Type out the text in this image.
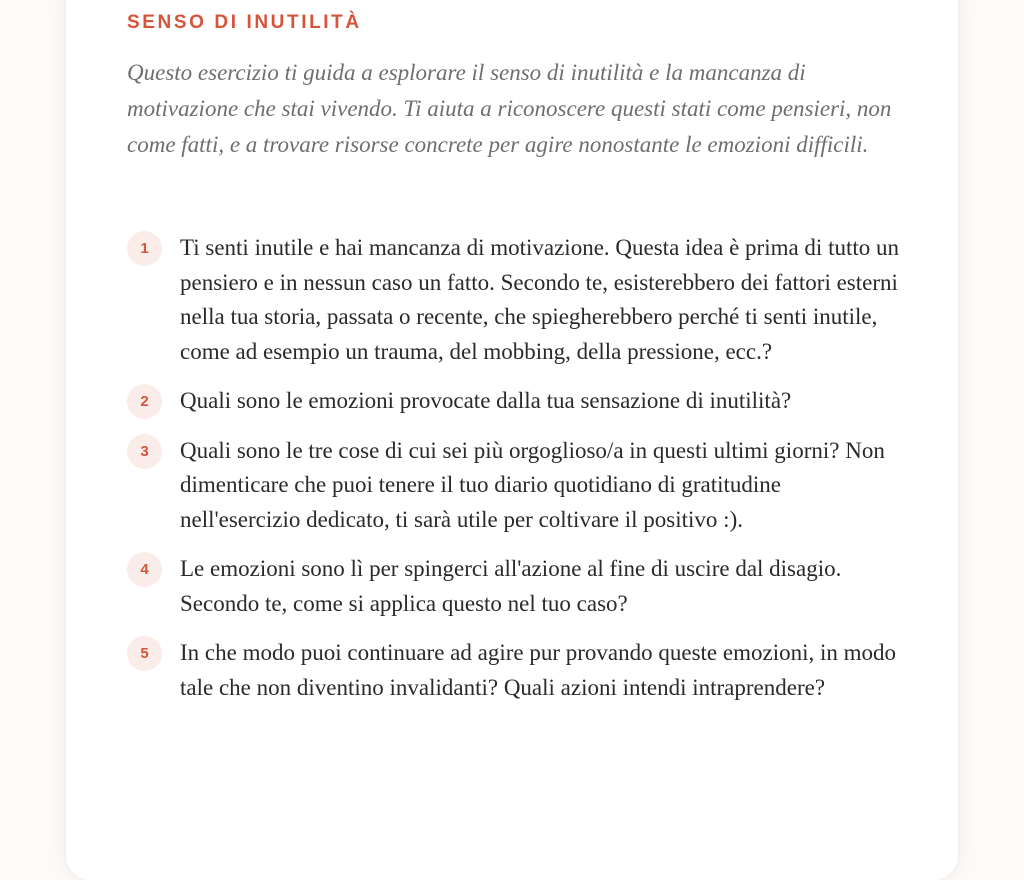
SENSO DI INUTILITÀ

Questo esercizio ti guida a esplorare il senso di inutilità e la mancanza di motivazione che stai vivendo. Ti aiuta a riconoscere questi stati come pensieri, non come fatti, e a trovare risorse concrete per agire nonostante le emozioni difficili.

1	Ti senti inutile e hai mancanza di motivazione. Questa idea è prima di tutto un pensiero e in nessun caso un fatto. Secondo te, esisterebbero dei fattori esterni nella tua storia, passata o recente, che spiegherebbero perché ti senti inutile, come ad esempio un trauma, del mobbing, della pressione, ecc.?
2	Quali sono le emozioni provocate dalla tua sensazione di inutilità?
3	Quali sono le tre cose di cui sei più orgoglioso/a in questi ultimi giorni? Non dimenticare che puoi tenere il tuo diario quotidiano di gratitudine nell'esercizio dedicato, ti sarà utile per coltivare il positivo :).
4	Le emozioni sono lì per spingerci all'azione al fine di uscire dal disagio. Secondo te, come si applica questo nel tuo caso?
5	In che modo puoi continuare ad agire pur provando queste emozioni, in modo tale che non diventino invalidanti? Quali azioni intendi intraprendere?
